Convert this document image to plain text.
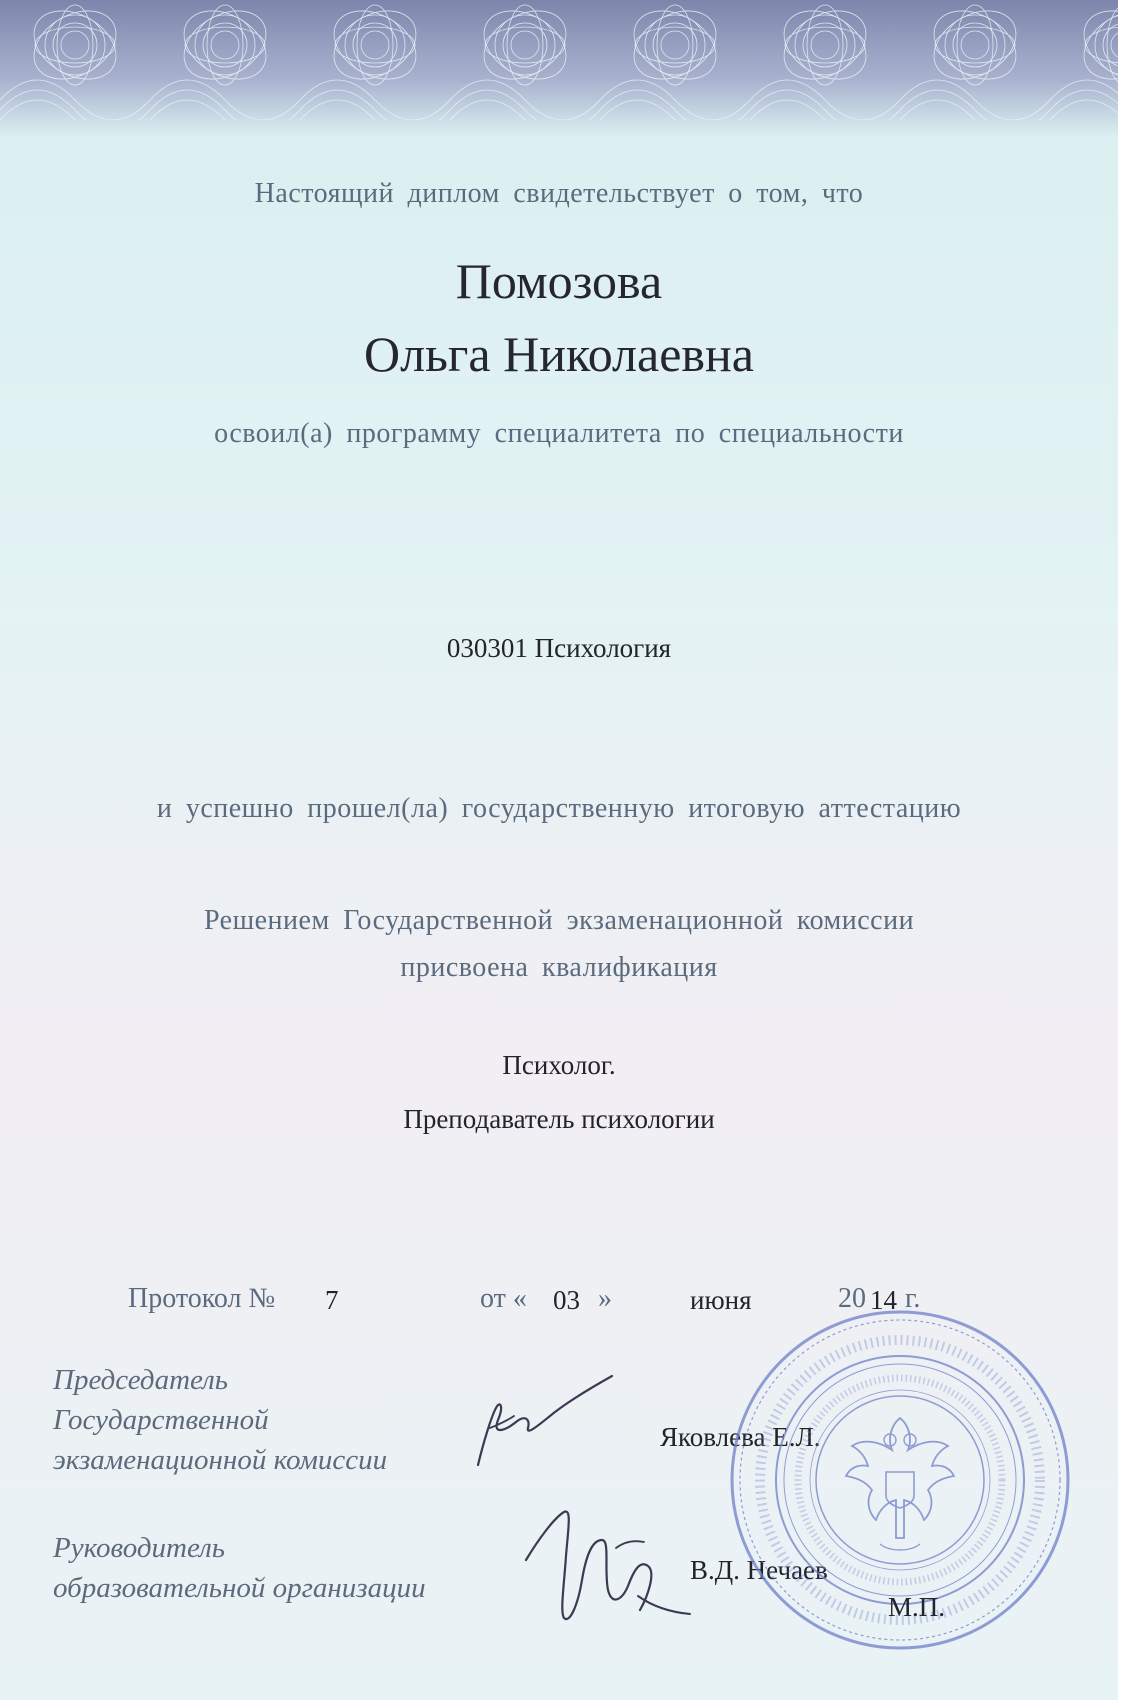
Настоящий диплом свидетельствует о том, что
Помозова
Ольга Николаевна
освоил(а) программу специалитета по специальности
030301 Психология
и успешно прошел(ла) государственную итоговую аттестацию
Решением Государственной экзаменационной комиссии
присвоена квалификация
Психолог.
Преподаватель психологии
Протокол № 7	от « 03 »	июня	20 14 г.
Председатель
Государственной
экзаменационной комиссии
Яковлева Е.Л.
Руководитель
образовательной организации
В.Д. Нечаев
М.П.
